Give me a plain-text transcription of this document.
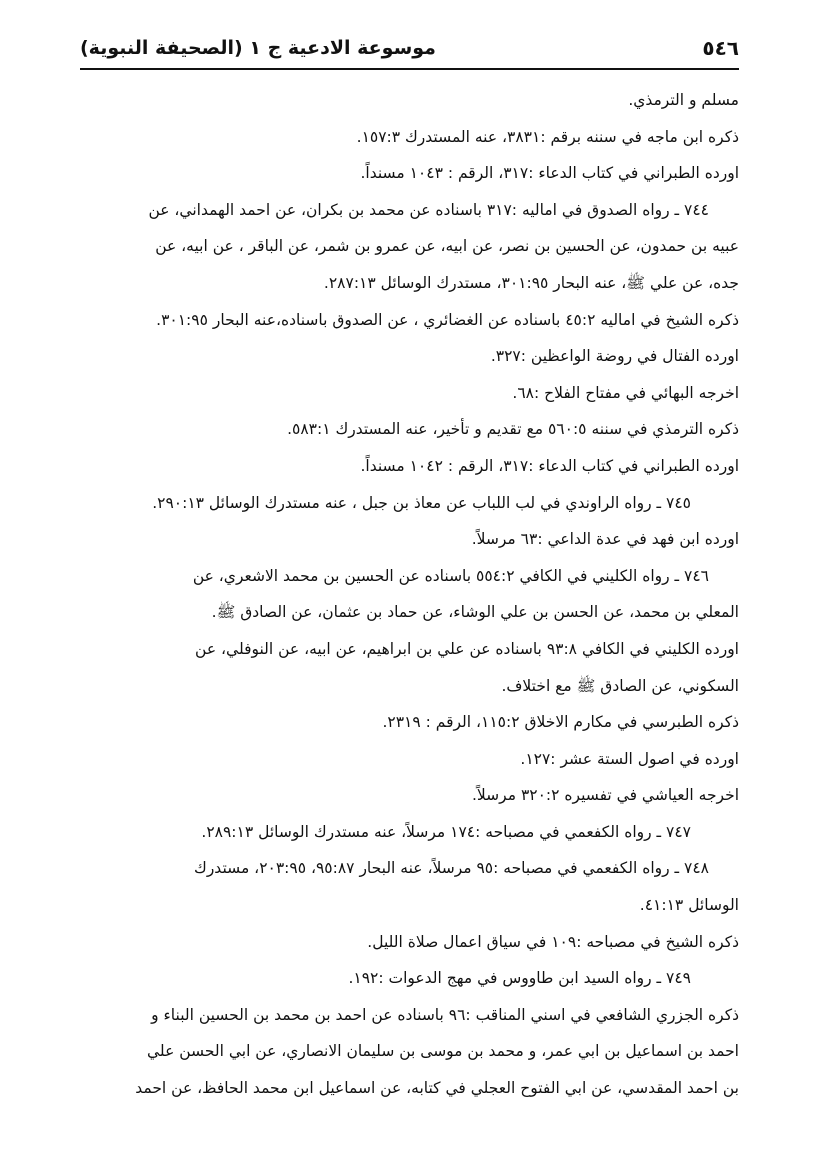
٥٤٦
موسوعة الادعية ج ١ (الصحيفة النبوية)
مسلم و الترمذي.
ذكره ابن ماجه في سننه برقم :٣٨٣١، عنه المستدرك ١٥٧:٣.
اورده الطبراني في كتاب الدعاء :٣١٧، الرقم : ١٠٤٣ مسنداً.
٧٤٤ ـ رواه الصدوق في اماليه :٣١٧ باسناده عن محمد بن بكران، عن احمد الهمداني، عن
عبيه بن حمدون، عن الحسين بن نصر، عن ابيه، عن عمرو بن شمر، عن الباقر ، عن ابيه، عن
جده، عن علي ﷺ، عنه البحار ٣٠١:٩٥، مستدرك الوسائل ٢٨٧:١٣.
ذكره الشيخ في اماليه ٤٥:٢ باسناده عن الغضائري ، عن الصدوق باسناده،عنه البحار ٣٠١:٩٥.
اورده الفتال في روضة الواعظين :٣٢٧.
اخرجه البهائي في مفتاح الفلاح :٦٨.
ذكره الترمذي في سننه ٥٦٠:٥ مع تقديم و تأخير، عنه المستدرك ٥٨٣:١.
اورده الطبراني في كتاب الدعاء :٣١٧، الرقم : ١٠٤٢ مسنداً.
٧٤٥ ـ رواه الراوندي في لب اللباب عن معاذ بن جبل ، عنه مستدرك الوسائل ٢٩٠:١٣.
اورده ابن فهد في عدة الداعي :٦٣ مرسلاً.
٧٤٦ ـ رواه الكليني في الكافي ٥٥٤:٢ باسناده عن الحسين بن محمد الاشعري، عن
المعلي بن محمد، عن الحسن بن علي الوشاء، عن حماد بن عثمان، عن الصادق ﷺ.
اورده الكليني في الكافي ٩٣:٨ باسناده عن علي بن ابراهيم، عن ابيه، عن النوفلي، عن
السكوني، عن الصادق ﷺ مع اختلاف.
ذكره الطبرسي في مكارم الاخلاق ١١٥:٢، الرقم : ٢٣١٩.
اورده في اصول الستة عشر :١٢٧.
اخرجه العياشي في تفسيره ٣٢٠:٢ مرسلاً.
٧٤٧ ـ رواه الكفعمي في مصباحه :١٧٤ مرسلاً، عنه مستدرك الوسائل ٢٨٩:١٣.
٧٤٨ ـ رواه الكفعمي في مصباحه :٩٥ مرسلاً، عنه البحار ٩٥:٨٧، ٢٠٣:٩٥، مستدرك
الوسائل ٤١:١٣.
ذكره الشيخ في مصباحه :١٠٩ في سياق اعمال صلاة الليل.
٧٤٩ ـ رواه السيد ابن طاووس في مهج الدعوات :١٩٢.
ذكره الجزري الشافعي في اسني المناقب :٩٦ باسناده عن احمد بن محمد بن الحسين البناء و
احمد بن اسماعيل بن ابي عمر، و محمد بن موسى بن سليمان الانصاري، عن ابي الحسن علي
بن احمد المقدسي، عن ابي الفتوح العجلي في كتابه، عن اسماعيل ابن محمد الحافظ، عن احمد
